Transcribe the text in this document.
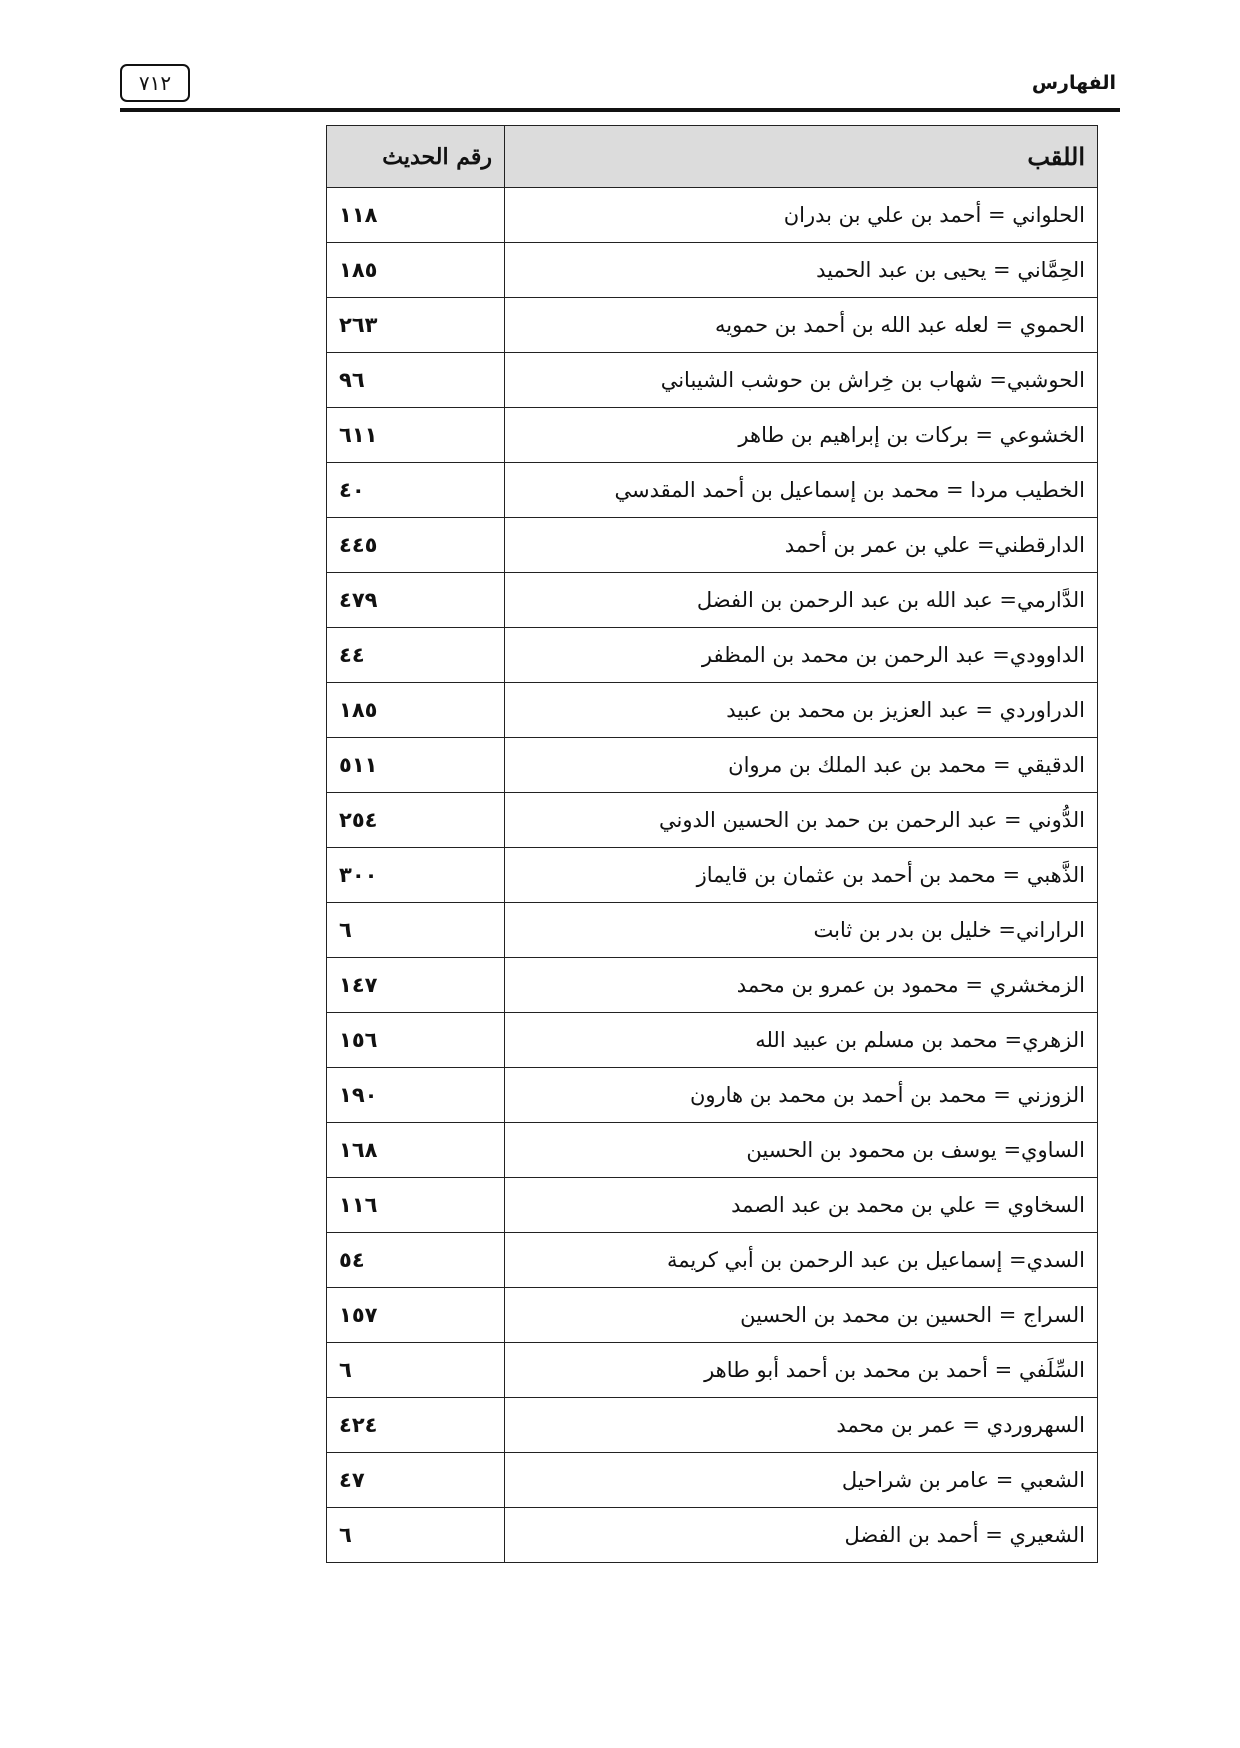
الفهارس
٧١٢
اللقب	رقم الحديث
الحلواني = أحمد بن علي بن بدران	١١٨
الحِمَّاني = يحيى بن عبد الحميد	١٨٥
الحموي = لعله عبد الله بن أحمد بن حمويه	٢٦٣
الحوشبي= شهاب بن خِراش بن حوشب الشيباني	٩٦
الخشوعي = بركات بن إبراهيم بن طاهر	٦١١
الخطيب مردا = محمد بن إسماعيل بن أحمد المقدسي	٤٠
الدارقطني= علي بن عمر بن أحمد	٤٤٥
الدَّارمي= عبد الله بن عبد الرحمن بن الفضل	٤٧٩
الداوودي= عبد الرحمن بن محمد بن المظفر	٤٤
الدراوردي = عبد العزيز بن محمد بن عبيد	١٨٥
الدقيقي = محمد بن عبد الملك بن مروان	٥١١
الدُّوني = عبد الرحمن بن حمد بن الحسين الدوني	٢٥٤
الذَّهبي = محمد بن أحمد بن عثمان بن قايماز	٣٠٠
الراراني= خليل بن بدر بن ثابت	٦
الزمخشري = محمود بن عمرو بن محمد	١٤٧
الزهري= محمد بن مسلم بن عبيد الله	١٥٦
الزوزني = محمد بن أحمد بن محمد بن هارون	١٩٠
الساوي= يوسف بن محمود بن الحسين	١٦٨
السخاوي = علي بن محمد بن عبد الصمد	١١٦
السدي= إسماعيل بن عبد الرحمن بن أبي كريمة	٥٤
السراج = الحسين بن محمد بن الحسين	١٥٧
السِّلَفي = أحمد بن محمد بن أحمد أبو طاهر	٦
السهروردي = عمر بن محمد	٤٢٤
الشعبي = عامر بن شراحيل	٤٧
الشعيري = أحمد بن الفضل	٦
